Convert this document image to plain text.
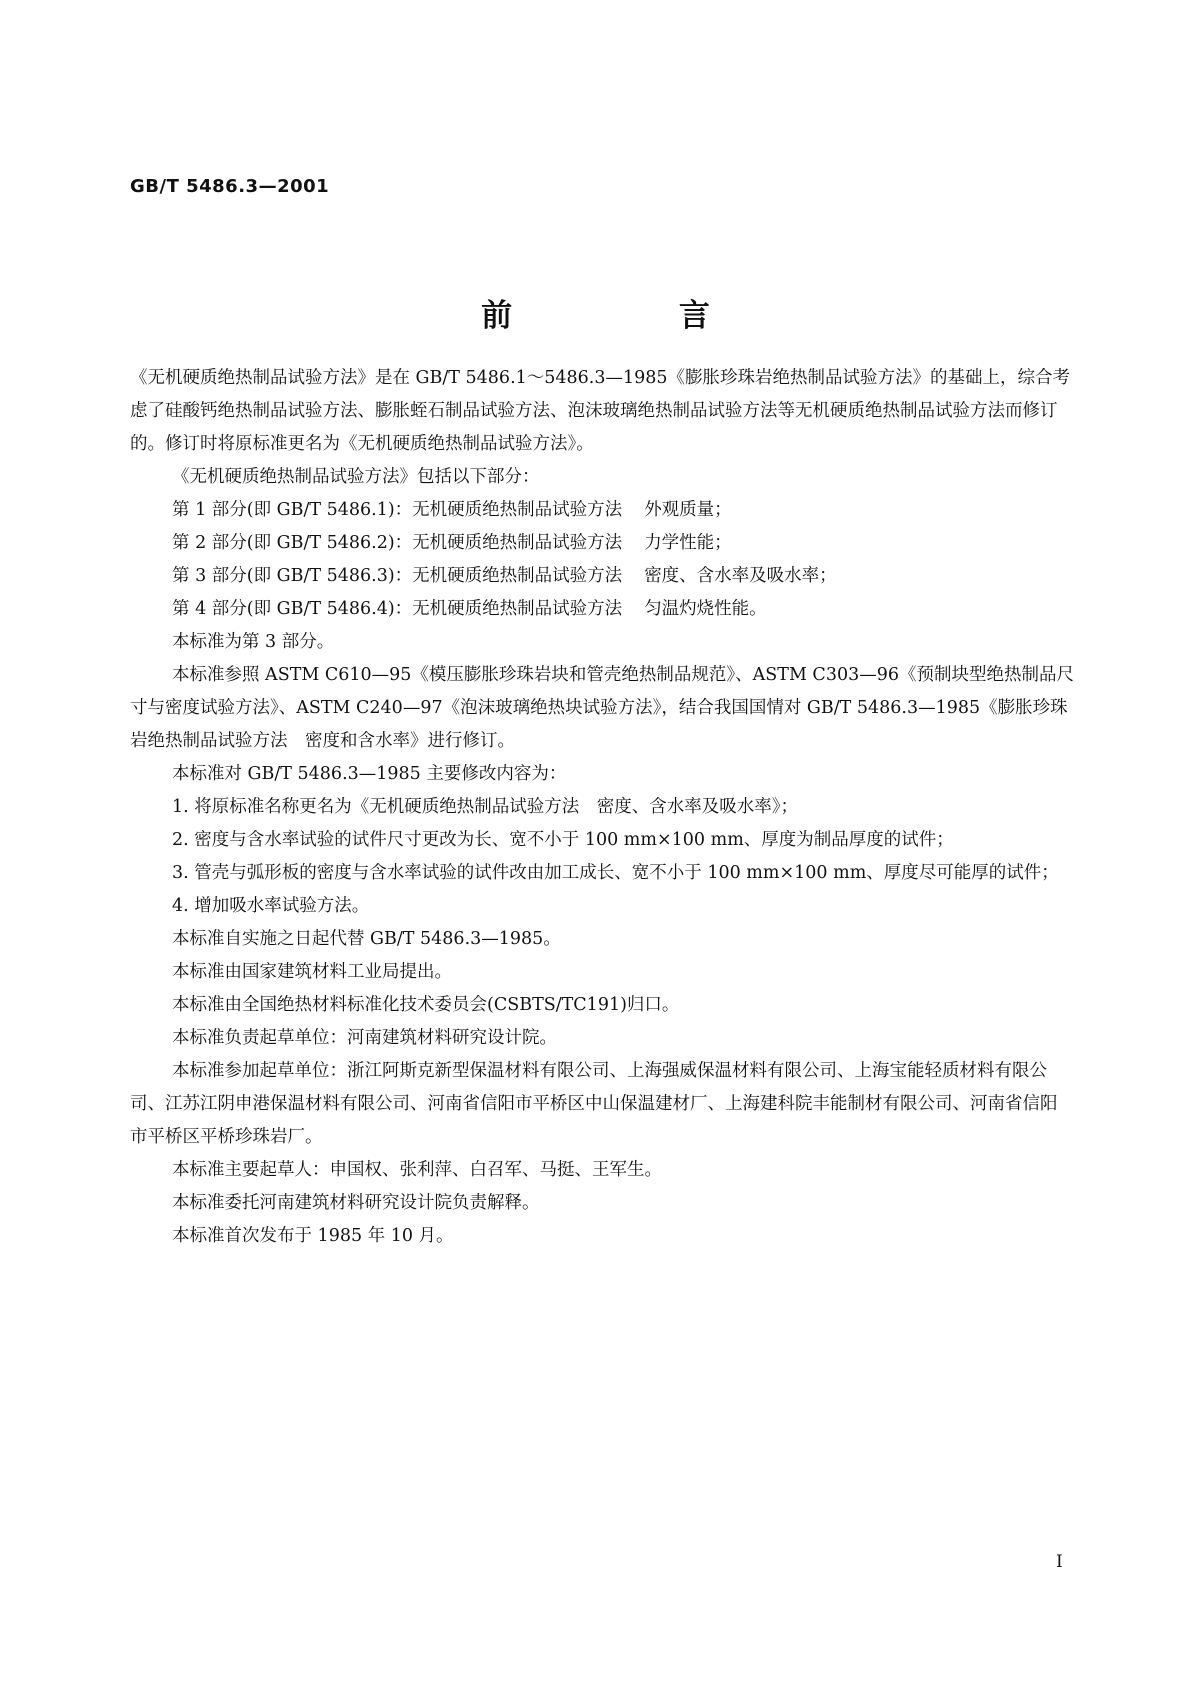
GB/T 5486.3—2001
前 言

《无机硬质绝热制品试验方法》是在 GB/T 5486.1～5486.3—1985《膨胀珍珠岩绝热制品试验方法》的基础上，综合考虑了硅酸钙绝热制品试验方法、膨胀蛭石制品试验方法、泡沫玻璃绝热制品试验方法等无机硬质绝热制品试验方法而修订的。修订时将原标准更名为《无机硬质绝热制品试验方法》。

《无机硬质绝热制品试验方法》包括以下部分：

第 1 部分(即 GB/T 5486.1)：无机硬质绝热制品试验方法 外观质量；

第 2 部分(即 GB/T 5486.2)：无机硬质绝热制品试验方法 力学性能；

第 3 部分(即 GB/T 5486.3)：无机硬质绝热制品试验方法 密度、含水率及吸水率；

第 4 部分(即 GB/T 5486.4)：无机硬质绝热制品试验方法 匀温灼烧性能。

本标准为第 3 部分。

本标准参照 ASTM C610—95《模压膨胀珍珠岩块和管壳绝热制品规范》、ASTM C303—96《预制块型绝热制品尺寸与密度试验方法》、ASTM C240—97《泡沫玻璃绝热块试验方法》，结合我国国情对 GB/T 5486.3—1985《膨胀珍珠岩绝热制品试验方法　密度和含水率》进行修订。

本标准对 GB/T 5486.3—1985 主要修改内容为：

1. 将原标准名称更名为《无机硬质绝热制品试验方法　密度、含水率及吸水率》；

2. 密度与含水率试验的试件尺寸更改为长、宽不小于 100 mm×100 mm、厚度为制品厚度的试件；

3. 管壳与弧形板的密度与含水率试验的试件改由加工成长、宽不小于 100 mm×100 mm、厚度尽可能厚的试件；

4. 增加吸水率试验方法。

本标准自实施之日起代替 GB/T 5486.3—1985。

本标准由国家建筑材料工业局提出。

本标准由全国绝热材料标准化技术委员会(CSBTS/TC191)归口。

本标准负责起草单位：河南建筑材料研究设计院。

本标准参加起草单位：浙江阿斯克新型保温材料有限公司、上海强威保温材料有限公司、上海宝能轻质材料有限公司、江苏江阴申港保温材料有限公司、河南省信阳市平桥区中山保温建材厂、上海建科院丰能制材有限公司、河南省信阳市平桥区平桥珍珠岩厂。

本标准主要起草人：申国权、张利萍、白召军、马挺、王军生。

本标准委托河南建筑材料研究设计院负责解释。

本标准首次发布于 1985 年 10 月。

I
